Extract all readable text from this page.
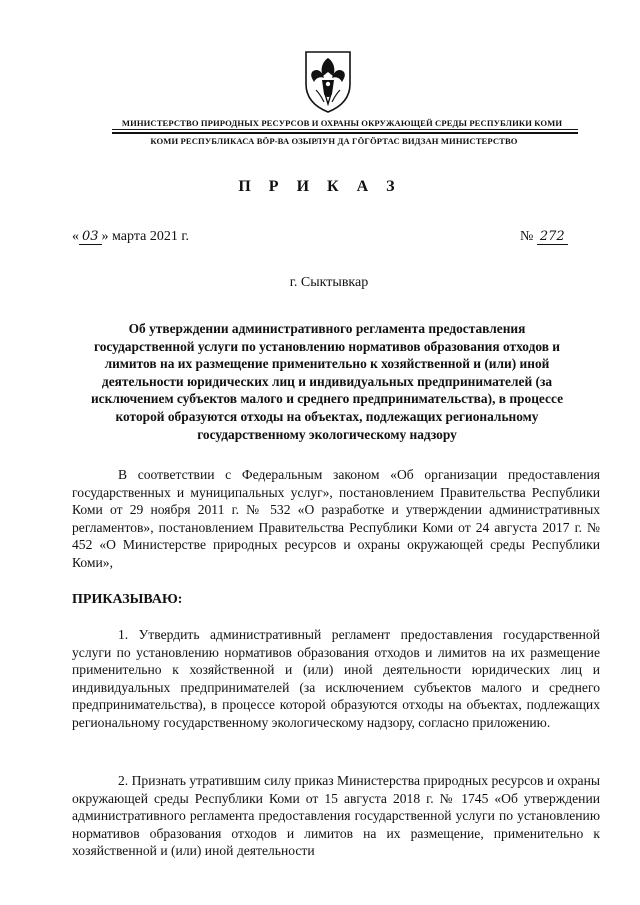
МИНИСТЕРСТВО ПРИРОДНЫХ РЕСУРСОВ И ОХРАНЫ ОКРУЖАЮЩЕЙ СРЕДЫ РЕСПУБЛИКИ КОМИ
КОМИ РЕСПУБЛИКАСА ВÖР-ВА ОЗЫРЛУН ДА ГÖГÖРТАС ВИДЗАН МИНИСТЕРСТВО
П Р И К А З
« 03 » марта 2021 г.	№ 272
г. Сыктывкар
Об утверждении административного регламента предоставления государственной услуги по установлению нормативов образования отходов и лимитов на их размещение применительно к хозяйственной и (или) иной деятельности юридических лиц и индивидуальных предпринимателей (за исключением субъектов малого и среднего предпринимательства), в процессе которой образуются отходы на объектах, подлежащих региональному государственному экологическому надзору
В соответствии с Федеральным законом «Об организации предоставления государственных и муниципальных услуг», постановлением Правительства Республики Коми от 29 ноября 2011 г. № 532 «О разработке и утверждении административных регламентов», постановлением Правительства Республики Коми от 24 августа 2017 г. № 452 «О Министерстве природных ресурсов и охраны окружающей среды Республики Коми»,
ПРИКАЗЫВАЮ:
1. Утвердить административный регламент предоставления государственной услуги по установлению нормативов образования отходов и лимитов на их размещение применительно к хозяйственной и (или) иной деятельности юридических лиц и индивидуальных предпринимателей (за исключением субъектов малого и среднего предпринимательства), в процессе которой образуются отходы на объектах, подлежащих региональному государственному экологическому надзору, согласно приложению.
2. Признать утратившим силу приказ Министерства природных ресурсов и охраны окружающей среды Республики Коми от 15 августа 2018 г. № 1745 «Об утверждении административного регламента предоставления государственной услуги по установлению нормативов образования отходов и лимитов на их размещение, применительно к хозяйственной и (или) иной деятельности
